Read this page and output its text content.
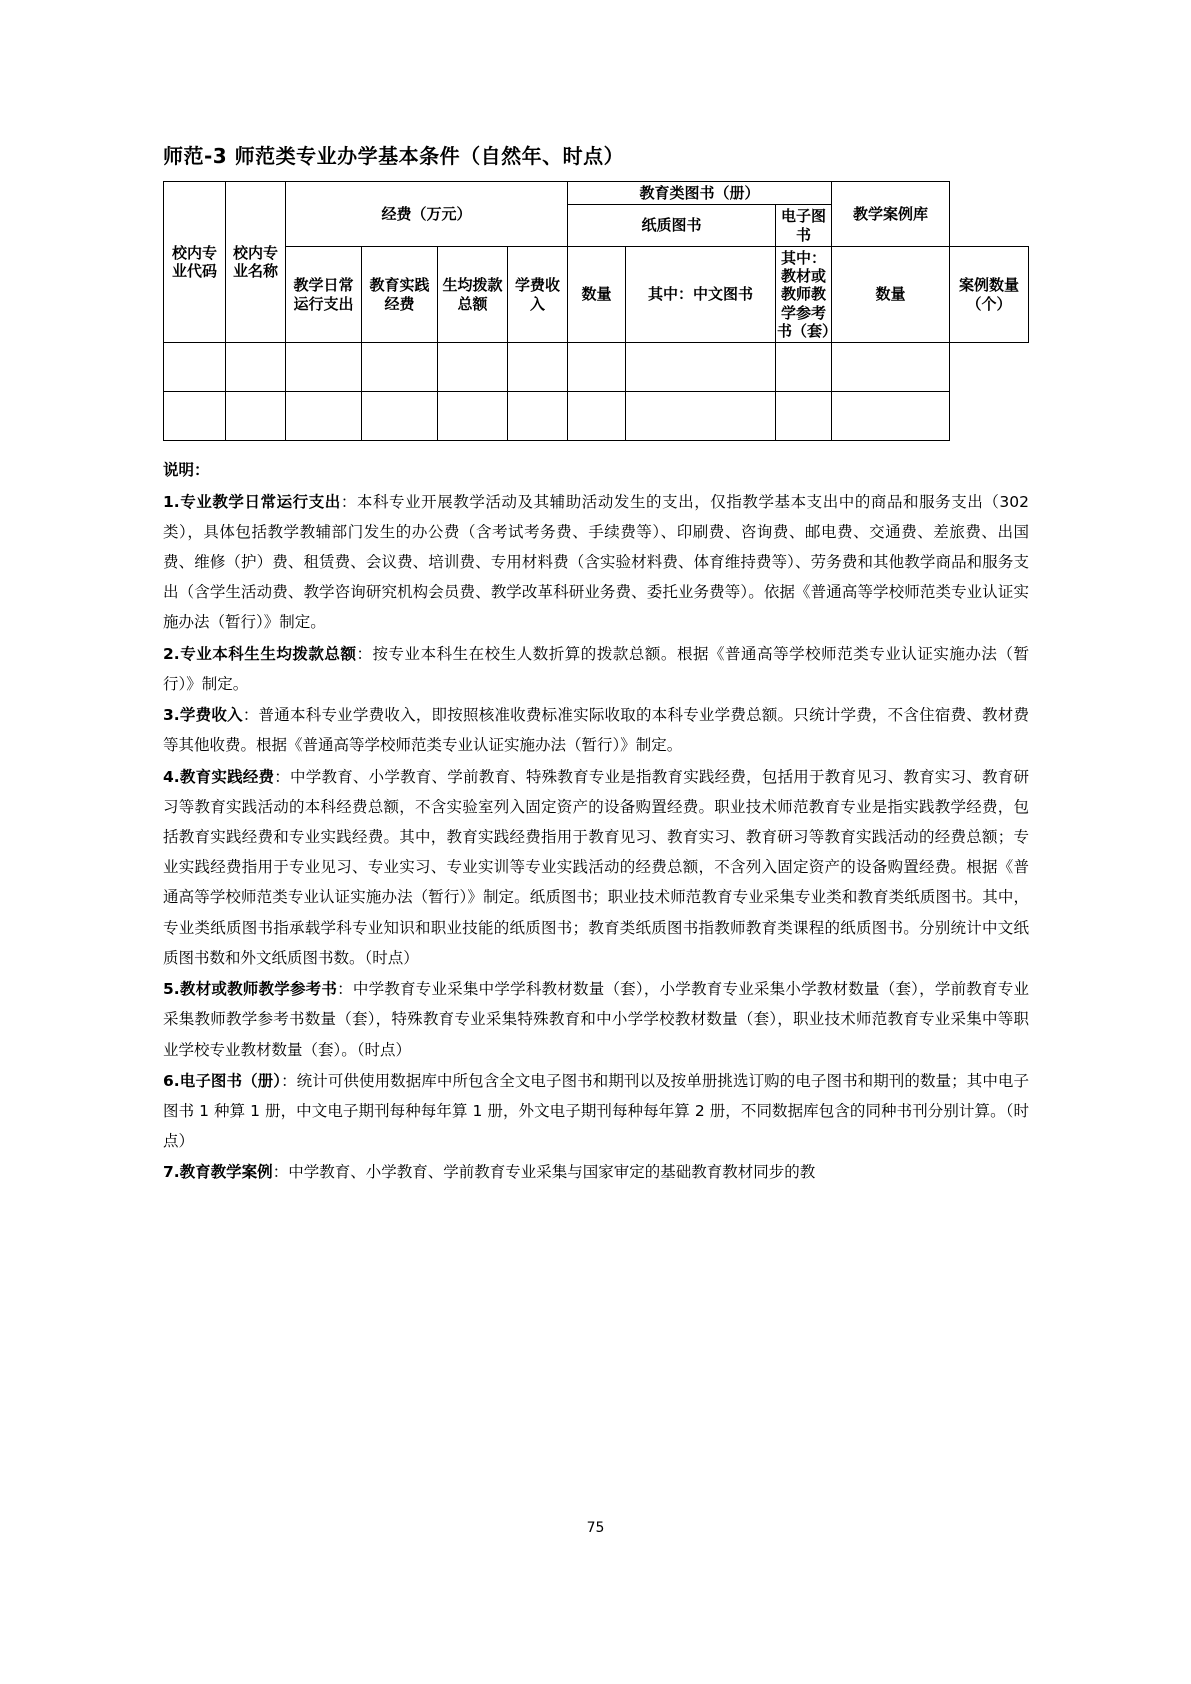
师范-3 师范类专业办学基本条件（自然年、时点）
校内专业代码	校内专业名称	经费（万元）				教育类图书（册）			教学案例库	
						纸质图书		电子图书		
		教学日常运行支出	教育实践经费	生均拨款总额	学费收入	数量	其中：中文图书	其中：教材或教师教学参考书（套）	数量	案例数量（个）

说明：

1.专业教学日常运行支出：本科专业开展教学活动及其辅助活动发生的支出，仅指教学基本支出中的商品和服务支出（302 类），具体包括教学教辅部门发生的办公费（含考试考务费、手续费等）、印刷费、咨询费、邮电费、交通费、差旅费、出国费、维修（护）费、租赁费、会议费、培训费、专用材料费（含实验材料费、体育维持费等）、劳务费和其他教学商品和服务支出（含学生活动费、教学咨询研究机构会员费、教学改革科研业务费、委托业务费等）。依据《普通高等学校师范类专业认证实施办法（暂行）》制定。

2.专业本科生生均拨款总额：按专业本科生在校生人数折算的拨款总额。根据《普通高等学校师范类专业认证实施办法（暂行）》制定。

3.学费收入：普通本科专业学费收入，即按照核准收费标准实际收取的本科专业学费总额。只统计学费，不含住宿费、教材费等其他收费。根据《普通高等学校师范类专业认证实施办法（暂行）》制定。

4.教育实践经费：中学教育、小学教育、学前教育、特殊教育专业是指教育实践经费，包括用于教育见习、教育实习、教育研习等教育实践活动的本科经费总额，不含实验室列入固定资产的设备购置经费。职业技术师范教育专业是指实践教学经费，包括教育实践经费和专业实践经费。其中，教育实践经费指用于教育见习、教育实习、教育研习等教育实践活动的经费总额；专业实践经费指用于专业见习、专业实习、专业实训等专业实践活动的经费总额，不含列入固定资产的设备购置经费。根据《普通高等学校师范类专业认证实施办法（暂行）》制定。纸质图书；职业技术师范教育专业采集专业类和教育类纸质图书。其中，专业类纸质图书指承载学科专业知识和职业技能的纸质图书；教育类纸质图书指教师教育类课程的纸质图书。分别统计中文纸质图书数和外文纸质图书数。（时点）

5.教材或教师教学参考书：中学教育专业采集中学学科教材数量（套），小学教育专业采集小学教材数量（套），学前教育专业采集教师教学参考书数量（套），特殊教育专业采集特殊教育和中小学学校教材数量（套），职业技术师范教育专业采集中等职业学校专业教材数量（套）。（时点）

6.电子图书（册）：统计可供使用数据库中所包含全文电子图书和期刊以及按单册挑选订购的电子图书和期刊的数量；其中电子图书 1 种算 1 册，中文电子期刊每种每年算 1 册，外文电子期刊每种每年算 2 册，不同数据库包含的同种书刊分别计算。（时点）

7.教育教学案例：中学教育、小学教育、学前教育专业采集与国家审定的基础教育教材同步的教

75
